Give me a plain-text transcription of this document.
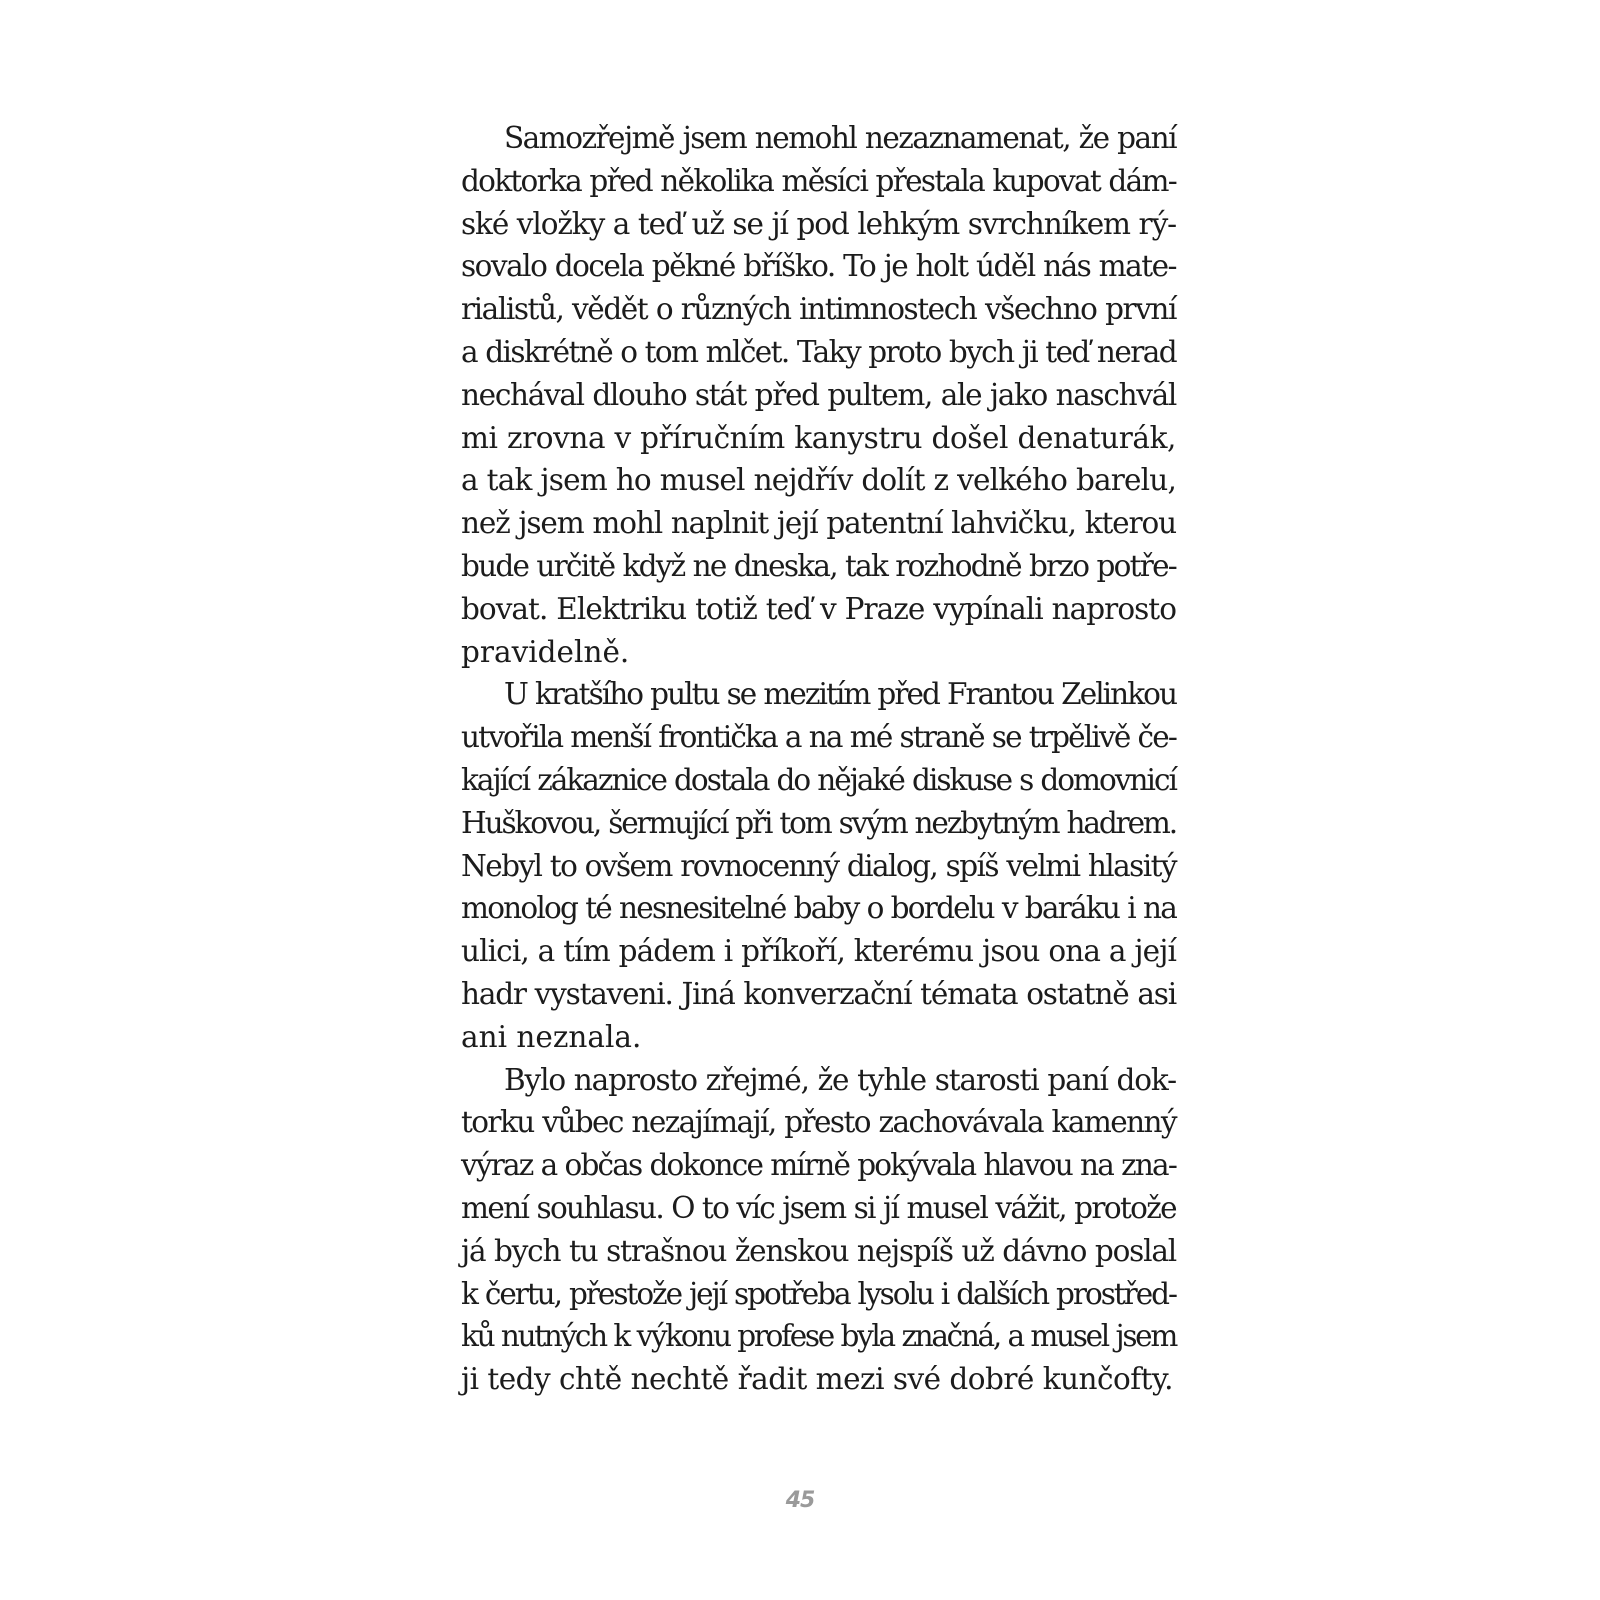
Samozřejmě jsem nemohl nezaznamenat, že paní
doktorka před několika měsíci přestala kupovat dám-
ské vložky a teď už se jí pod lehkým svrchníkem rý-
sovalo docela pěkné bříško. To je holt úděl nás mate-
rialistů, vědět o různých intimnostech všechno první
a diskrétně o tom mlčet. Taky proto bych ji teď nerad
nechával dlouho stát před pultem, ale jako naschvál
mi zrovna v příručním kanystru došel denaturák,
a tak jsem ho musel nejdřív dolít z velkého barelu,
než jsem mohl naplnit její patentní lahvičku, kterou
bude určitě když ne dneska, tak rozhodně brzo potře-
bovat. Elektriku totiž teď v Praze vypínali naprosto
pravidelně.
U kratšího pultu se mezitím před Frantou Zelinkou
utvořila menší frontička a na mé straně se trpělivě če-
kající zákaznice dostala do nějaké diskuse s domovnicí
Huškovou, šermující při tom svým nezbytným hadrem.
Nebyl to ovšem rovnocenný dialog, spíš velmi hlasitý
monolog té nesnesitelné baby o bordelu v baráku i na
ulici, a tím pádem i příkoří, kterému jsou ona a její
hadr vystaveni. Jiná konverzační témata ostatně asi
ani neznala.
Bylo naprosto zřejmé, že tyhle starosti paní dok-
torku vůbec nezajímají, přesto zachovávala kamenný
výraz a občas dokonce mírně pokývala hlavou na zna-
mení souhlasu. O to víc jsem si jí musel vážit, protože
já bych tu strašnou ženskou nejspíš už dávno poslal
k čertu, přestože její spotřeba lysolu i dalších prostřed-
ků nutných k výkonu profese byla značná, a musel jsem
ji tedy chtě nechtě řadit mezi své dobré kunčofty.
45
